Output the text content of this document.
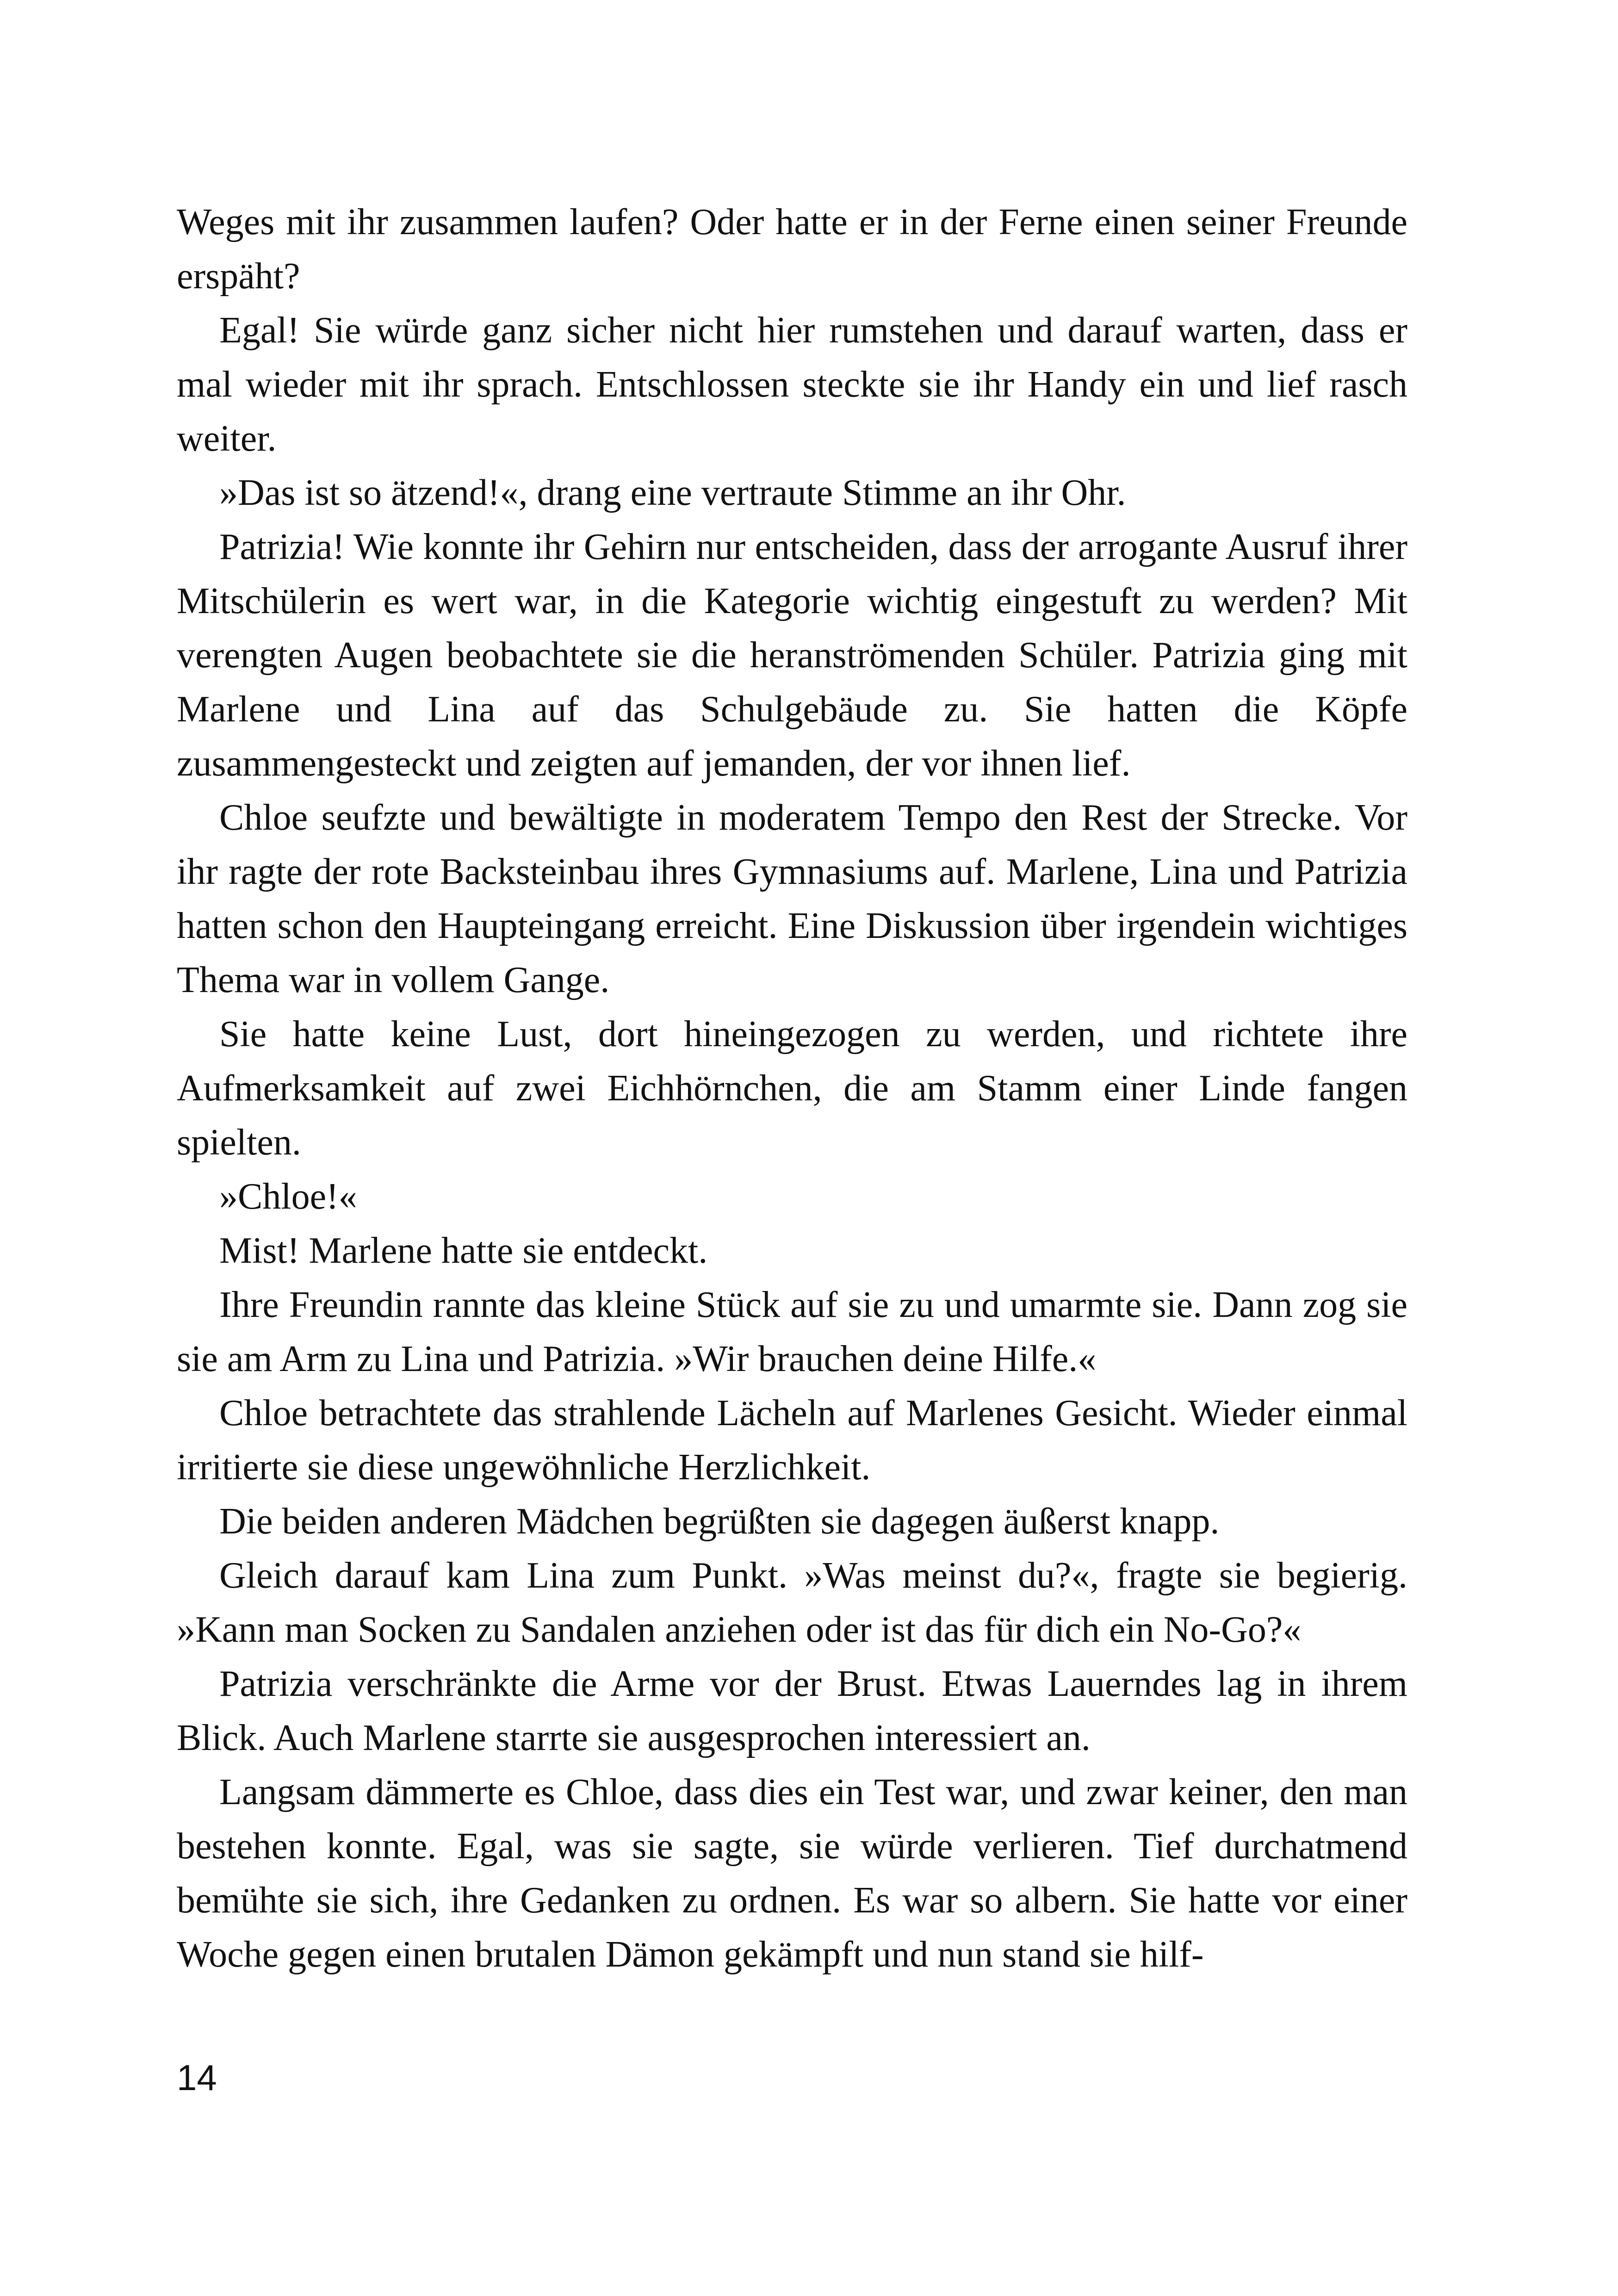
Weges mit ihr zusammen laufen? Oder hatte er in der Ferne einen seiner Freunde erspäht?

Egal! Sie würde ganz sicher nicht hier rumstehen und darauf warten, dass er mal wieder mit ihr sprach. Entschlossen steckte sie ihr Handy ein und lief rasch weiter.

»Das ist so ätzend!«, drang eine vertraute Stimme an ihr Ohr.

Patrizia! Wie konnte ihr Gehirn nur entscheiden, dass der arrogante Ausruf ihrer Mitschülerin es wert war, in die Kategorie wichtig eingestuft zu werden? Mit verengten Augen beobachtete sie die heranströmenden Schüler. Patrizia ging mit Marlene und Lina auf das Schulgebäude zu. Sie hatten die Köpfe zusammengesteckt und zeigten auf jemanden, der vor ihnen lief.

Chloe seufzte und bewältigte in moderatem Tempo den Rest der Strecke. Vor ihr ragte der rote Backsteinbau ihres Gymnasiums auf. Marlene, Lina und Patrizia hatten schon den Haupteingang erreicht. Eine Diskussion über irgendein wichtiges Thema war in vollem Gange.

Sie hatte keine Lust, dort hineingezogen zu werden, und richtete ihre Aufmerksamkeit auf zwei Eichhörnchen, die am Stamm einer Linde fangen spielten.

»Chloe!«

Mist! Marlene hatte sie entdeckt.

Ihre Freundin rannte das kleine Stück auf sie zu und umarmte sie. Dann zog sie sie am Arm zu Lina und Patrizia. »Wir brauchen deine Hilfe.«

Chloe betrachtete das strahlende Lächeln auf Marlenes Gesicht. Wieder einmal irritierte sie diese ungewöhnliche Herzlichkeit.

Die beiden anderen Mädchen begrüßten sie dagegen äußerst knapp.

Gleich darauf kam Lina zum Punkt. »Was meinst du?«, fragte sie begierig. »Kann man Socken zu Sandalen anziehen oder ist das für dich ein No-Go?«

Patrizia verschränkte die Arme vor der Brust. Etwas Lauerndes lag in ihrem Blick. Auch Marlene starrte sie ausgesprochen interessiert an.

Langsam dämmerte es Chloe, dass dies ein Test war, und zwar keiner, den man bestehen konnte. Egal, was sie sagte, sie würde verlieren. Tief durchatmend bemühte sie sich, ihre Gedanken zu ordnen. Es war so albern. Sie hatte vor einer Woche gegen einen brutalen Dämon gekämpft und nun stand sie hilf-

14
